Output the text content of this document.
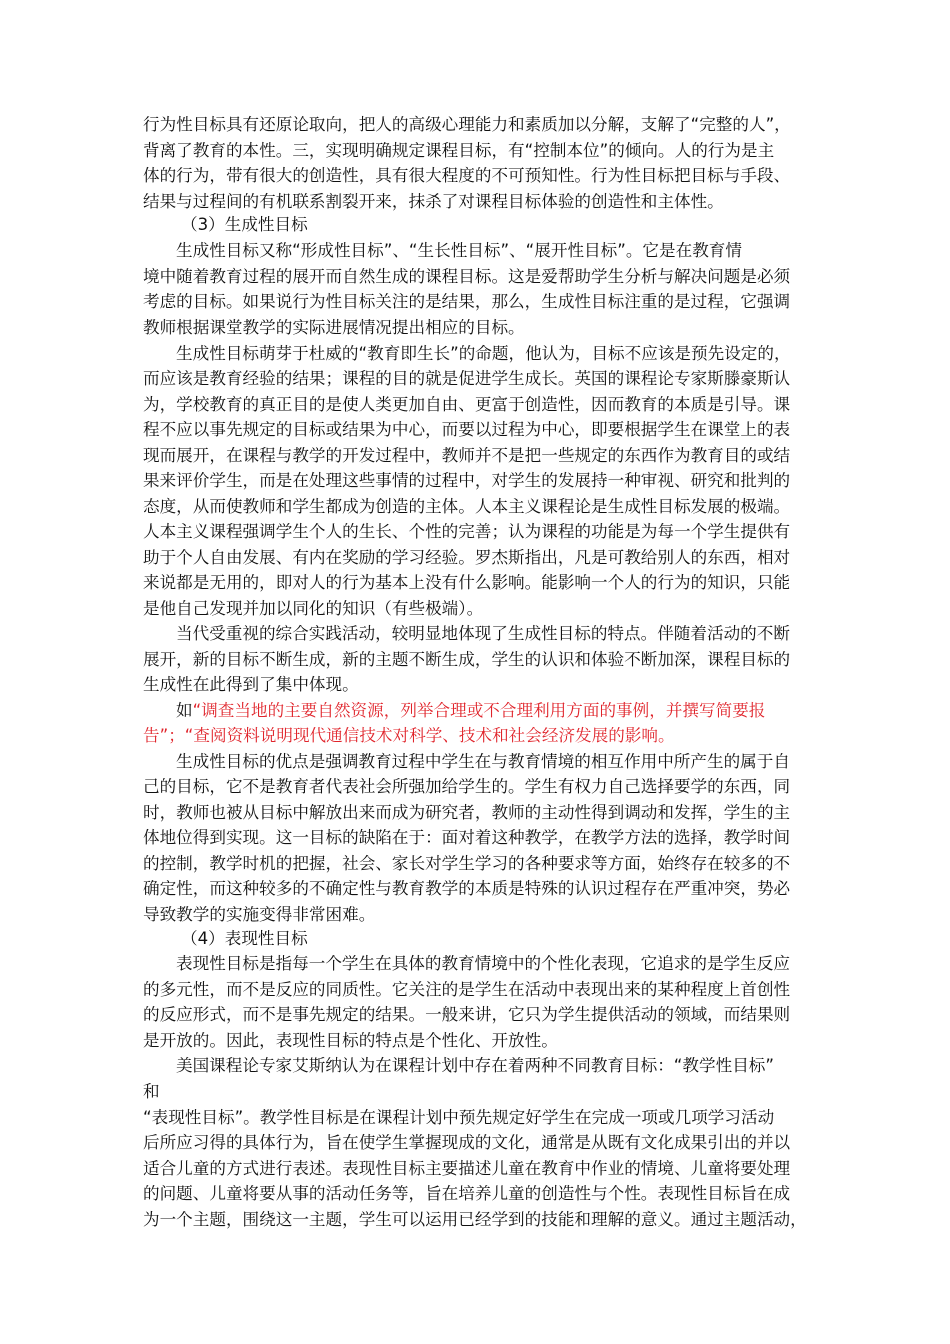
行为性目标具有还原论取向，把人的高级心理能力和素质加以分解，支解了“完整的人”，
背离了教育的本性。三，实现明确规定课程目标，有“控制本位”的倾向。人的行为是主
体的行为，带有很大的创造性，具有很大程度的不可预知性。行为性目标把目标与手段、
结果与过程间的有机联系割裂开来，抹杀了对课程目标体验的创造性和主体性。
（3）生成性目标
生成性目标又称“形成性目标”、“生长性目标”、“展开性目标”。它是在教育情
境中随着教育过程的展开而自然生成的课程目标。这是爱帮助学生分析与解决问题是必须
考虑的目标。如果说行为性目标关注的是结果，那么，生成性目标注重的是过程，它强调
教师根据课堂教学的实际进展情况提出相应的目标。
生成性目标萌芽于杜威的“教育即生长”的命题，他认为，目标不应该是预先设定的，
而应该是教育经验的结果；课程的目的就是促进学生成长。英国的课程论专家斯滕豪斯认
为，学校教育的真正目的是使人类更加自由、更富于创造性，因而教育的本质是引导。课
程不应以事先规定的目标或结果为中心，而要以过程为中心，即要根据学生在课堂上的表
现而展开，在课程与教学的开发过程中，教师并不是把一些规定的东西作为教育目的或结
果来评价学生，而是在处理这些事情的过程中，对学生的发展持一种审视、研究和批判的
态度，从而使教师和学生都成为创造的主体。人本主义课程论是生成性目标发展的极端。
人本主义课程强调学生个人的生长、个性的完善；认为课程的功能是为每一个学生提供有
助于个人自由发展、有内在奖励的学习经验。罗杰斯指出，凡是可教给别人的东西，相对
来说都是无用的，即对人的行为基本上没有什么影响。能影响一个人的行为的知识，只能
是他自己发现并加以同化的知识（有些极端）。
当代受重视的综合实践活动，较明显地体现了生成性目标的特点。伴随着活动的不断
展开，新的目标不断生成，新的主题不断生成，学生的认识和体验不断加深，课程目标的
生成性在此得到了集中体现。
如“调查当地的主要自然资源，列举合理或不合理利用方面的事例，并撰写简要报
告”；“查阅资料说明现代通信技术对科学、技术和社会经济发展的影响。
生成性目标的优点是强调教育过程中学生在与教育情境的相互作用中所产生的属于自
己的目标，它不是教育者代表社会所强加给学生的。学生有权力自己选择要学的东西，同
时，教师也被从目标中解放出来而成为研究者，教师的主动性得到调动和发挥，学生的主
体地位得到实现。这一目标的缺陷在于：面对着这种教学，在教学方法的选择，教学时间
的控制，教学时机的把握，社会、家长对学生学习的各种要求等方面，始终存在较多的不
确定性，而这种较多的不确定性与教育教学的本质是特殊的认识过程存在严重冲突，势必
导致教学的实施变得非常困难。
（4）表现性目标
表现性目标是指每一个学生在具体的教育情境中的个性化表现，它追求的是学生反应
的多元性，而不是反应的同质性。它关注的是学生在活动中表现出来的某种程度上首创性
的反应形式，而不是事先规定的结果。一般来讲，它只为学生提供活动的领域，而结果则
是开放的。因此，表现性目标的特点是个性化、开放性。
美国课程论专家艾斯纳认为在课程计划中存在着两种不同教育目标：“教学性目标”
和
“表现性目标”。教学性目标是在课程计划中预先规定好学生在完成一项或几项学习活动
后所应习得的具体行为，旨在使学生掌握现成的文化，通常是从既有文化成果引出的并以
适合儿童的方式进行表述。表现性目标主要描述儿童在教育中作业的情境、儿童将要处理
的问题、儿童将要从事的活动任务等，旨在培养儿童的创造性与个性。表现性目标旨在成
为一个主题，围绕这一主题，学生可以运用已经学到的技能和理解的意义。通过主题活动，
